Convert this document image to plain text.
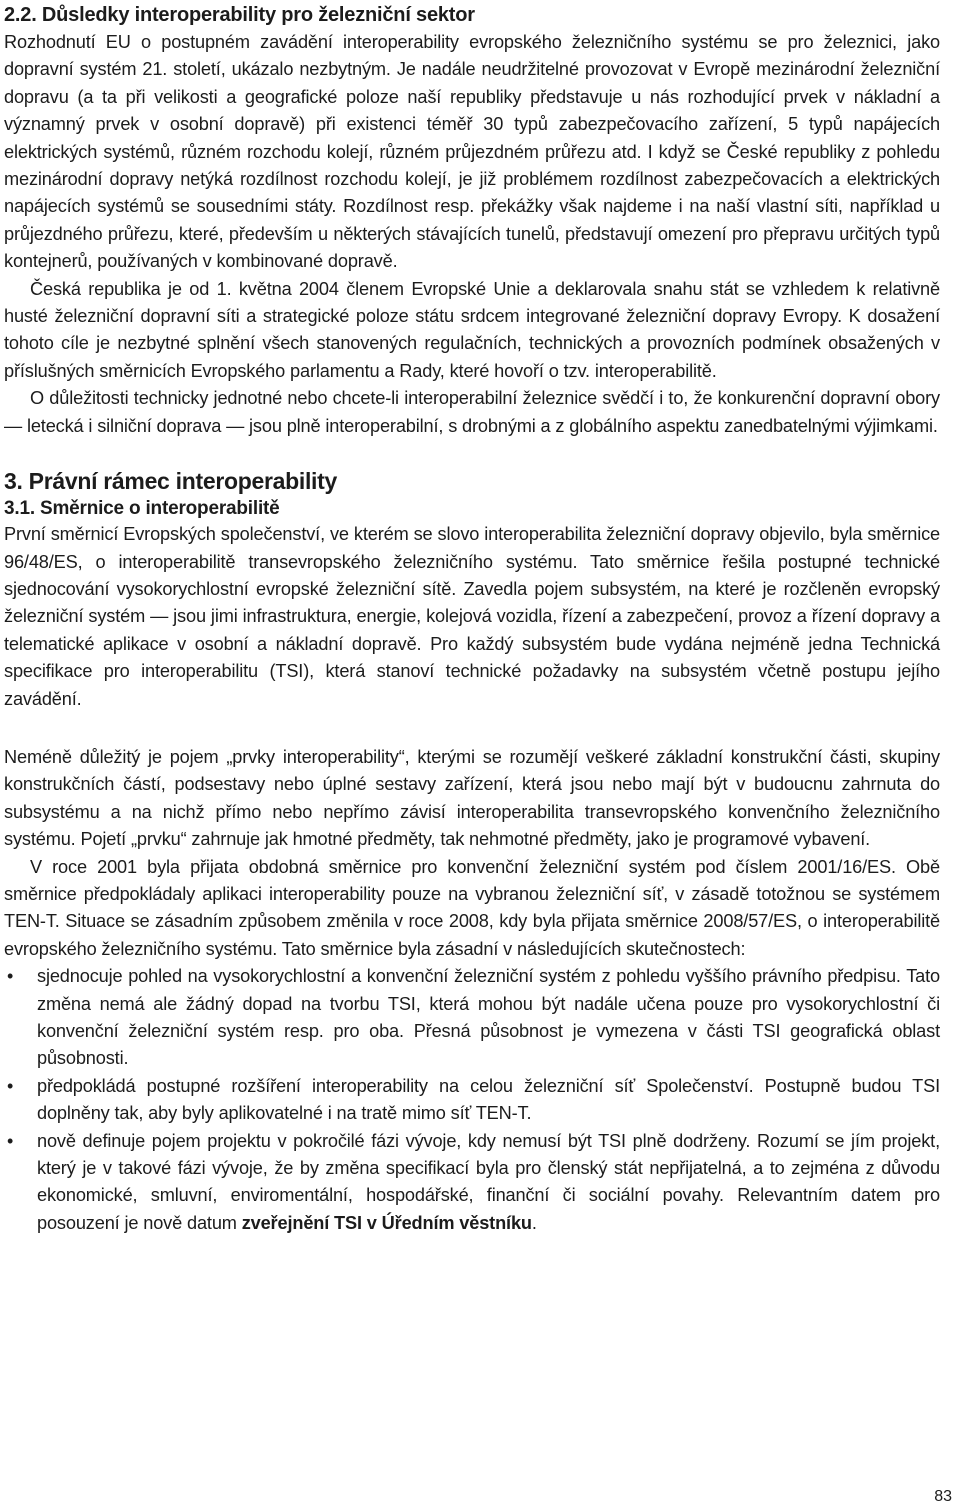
2.2. Důsledky interoperability pro železniční sektor

Rozhodnutí EU o postupném zavádění interoperability evropského železničního systému se pro železnici, jako dopravní systém 21. století, ukázalo nezbytným. Je nadále neudržitelné provozovat v Evropě mezinárodní železniční dopravu (a ta při velikosti a geografické poloze naší republiky představuje u nás rozhodující prvek v nákladní a významný prvek v osobní dopravě) při existenci téměř 30 typů zabezpečovacího zařízení, 5 typů napájecích elektrických systémů, různém rozchodu kolejí, různém průjezdném průřezu atd. I když se České republiky z pohledu mezinárodní dopravy netýká rozdílnost rozchodu kolejí, je již problémem rozdílnost zabezpečovacích a elektrických napájecích systémů se sousedními státy. Rozdílnost resp. překážky však najdeme i na naší vlastní síti, například u průjezdného průřezu, které, především u některých stávajících tunelů, představují omezení pro přepravu určitých typů kontejnerů, používaných v kombinované dopravě.

Česká republika je od 1. května 2004 členem Evropské Unie a deklarovala snahu stát se vzhledem k relativně husté železniční dopravní síti a strategické poloze státu srdcem integrované železniční dopravy Evropy. K dosažení tohoto cíle je nezbytné splnění všech stanovených regulačních, technických a provozních podmínek obsažených v příslušných směrnicích Evropského parlamentu a Rady, které hovoří o tzv. interoperabilitě.

O důležitosti technicky jednotné nebo chcete-li interoperabilní železnice svědčí i to, že konkurenční dopravní obory — letecká i silniční doprava — jsou plně interoperabilní, s drobnými a z globálního aspektu zanedbatelnými výjimkami.

3. Právní rámec interoperability
3.1. Směrnice o interoperabilitě

První směrnicí Evropských společenství, ve kterém se slovo interoperabilita železniční dopravy objevilo, byla směrnice 96/48/ES, o interoperabilitě transevropského železničního systému. Tato směrnice řešila postupné technické sjednocování vysokorychlostní evropské železniční sítě. Zavedla pojem subsystém, na které je rozčleněn evropský železniční systém — jsou jimi infrastruktura, energie, kolejová vozidla, řízení a zabezpečení, provoz a řízení dopravy a telematické aplikace v osobní a nákladní dopravě. Pro každý subsystém bude vydána nejméně jedna Technická specifikace pro interoperabilitu (TSI), která stanoví technické požadavky na subsystém včetně postupu jejího zavádění.

Neméně důležitý je pojem „prvky interoperability“, kterými se rozumějí veškeré základní konstrukční části, skupiny konstrukčních částí, podsestavy nebo úplné sestavy zařízení, která jsou nebo mají být v budoucnu zahrnuta do subsystému a na nichž přímo nebo nepřímo závisí interoperabilita transevropského konvenčního železničního systému. Pojetí „prvku“ zahrnuje jak hmotné předměty, tak nehmotné předměty, jako je programové vybavení.

V roce 2001 byla přijata obdobná směrnice pro konvenční železniční systém pod číslem 2001/16/ES. Obě směrnice předpokládaly aplikaci interoperability pouze na vybranou železniční síť, v zásadě totožnou se systémem TEN-T. Situace se zásadním způsobem změnila v roce 2008, kdy byla přijata směrnice 2008/57/ES, o interoperabilitě evropského železničního systému. Tato směrnice byla zásadní v následujících skutečnostech:

• sjednocuje pohled na vysokorychlostní a konvenční železniční systém z pohledu vyššího právního předpisu. Tato změna nemá ale žádný dopad na tvorbu TSI, která mohou být nadále učena pouze pro vysokorychlostní či konvenční železniční systém resp. pro oba. Přesná působnost je vymezena v části TSI geografická oblast působnosti.
• předpokládá postupné rozšíření interoperability na celou železniční síť Společenství. Postupně budou TSI doplněny tak, aby byly aplikovatelné i na tratě mimo síť TEN-T.
• nově definuje pojem projektu v pokročilé fázi vývoje, kdy nemusí být TSI plně dodrženy. Rozumí se jím projekt, který je v takové fázi vývoje, že by změna specifikací byla pro členský stát nepřijatelná, a to zejména z důvodu ekonomické, smluvní, enviromentální, hospodářské, finanční či sociální povahy. Relevantním datem pro posouzení je nově datum zveřejnění TSI v Úředním věstníku.
83
